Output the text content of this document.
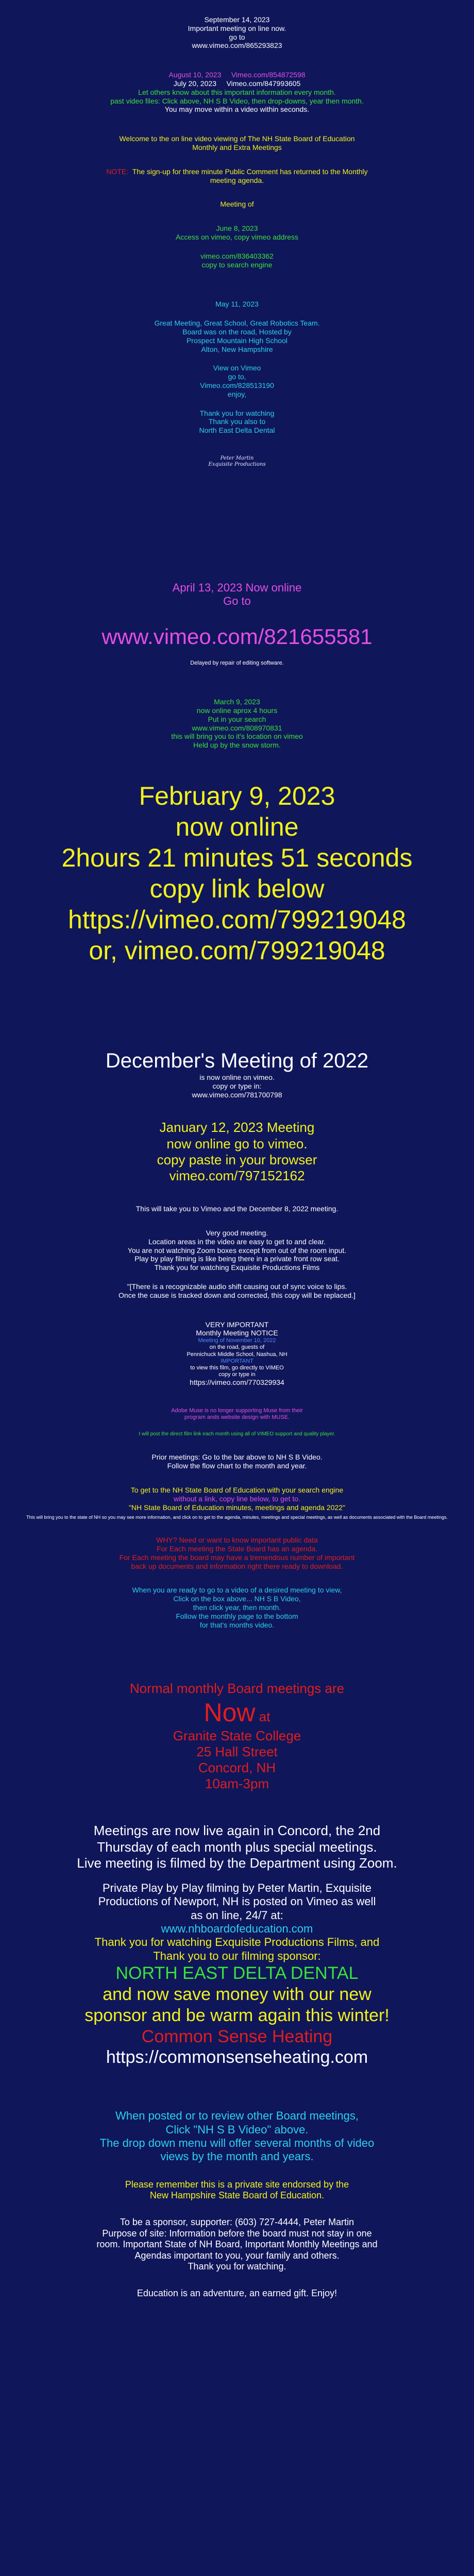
September 14, 2023
Important meeting on line now.
go to
www.vimeo.com/865293823
August 10, 2023 Vimeo.com/854872598
July 20, 2023 Vimeo.com/847993605
Let others know about this important information every month.
past video files: Click above, NH S B Video, then drop-downs, year then month.
You may move within a video within seconds.
Welcome to the on line video viewing of The NH State Board of Education
Monthly and Extra Meetings
NOTE: The sign-up for three minute Public Comment has returned to the Monthly
meeting agenda.
Meeting of
June 8, 2023
Access on vimeo, copy vimeo address
vimeo.com/836403362
copy to search engine
May 11, 2023
Great Meeting, Great School, Great Robotics Team.
Board was on the road, Hosted by
Prospect Mountain High School
Alton, New Hampshire
View on Vimeo
go to,
Vimeo.com/828513190
enjoy,
Thank you for watching
Thank you also to
North East Delta Dental
Peter Martin
Exquisite Productions
April 13, 2023 Now online
Go to
www.vimeo.com/821655581
Delayed by repair of editing software.
March 9, 2023
now online aprox 4 hours
Put in your search
www.vimeo.com/808970831
this will bring you to it's location on vimeo
Held up by the snow storm.
February 9, 2023
now online
2hours 21 minutes 51 seconds
copy link below
https://vimeo.com/799219048
or, vimeo.com/799219048
December's Meeting of 2022
is now online on vimeo.
copy or type in:
www.vimeo.com/781700798
January 12, 2023 Meeting
now online go to vimeo.
copy paste in your browser
vimeo.com/797152162
This will take you to Vimeo and the December 8, 2022 meeting.
Very good meeting.
Location areas in the video are easy to get to and clear.
You are not watching Zoom boxes except from out of the room input.
Play by play filming is like being there in a private front row seat.
Thank you for watching Exquisite Productions Films
"[There is a recognizable audio shift causing out of sync voice to lips.
Once the cause is tracked down and corrected, this copy will be replaced.]
VERY IMPORTANT
Monthly Meeting NOTICE
Meeting of November 10, 2022
on the road, guests of
Pennichuck Middle School, Nashua, NH
IMPORTANT
to view this film, go directly to VIMEO
copy or type in
https://vimeo.com/770329934
Adobe Muse is no longer supporting Muse from their
program ands website design with MUSE.
I will post the direct film link each month using all of VIMEO support and quality player.
Prior meetings: Go to the bar above to NH S B Video.
Follow the flow chart to the month and year.
To get to the NH State Board of Education with your search engine
without a link, copy line below, to get to.
"NH State Board of Education minutes, meetings and agenda 2022"
This will bring you to the state of NH so you may see more information, and click on to get to the agenda, minutes, meetings and special meetings, as well as documents associated with the Board meetings.
WHY? Need or want to know important public data
For Each meeting the State Board has an agenda.
For Each meeting the board may have a tremendous number of important
back up documents and information right there ready to download.
When you are ready to go to a video of a desired meeting to view,
Click on the box above... NH S B Video,
then click year, then month.
Follow the monthly page to the bottom
for that's months video.
Normal monthly Board meetings are
Now at
Granite State College
25 Hall Street
Concord, NH
10am-3pm
Meetings are now live again in Concord, the 2nd
Thursday of each month plus special meetings.
Live meeting is filmed by the Department using Zoom.
Private Play by Play filming by Peter Martin, Exquisite
Productions of Newport, NH is posted on Vimeo as well
as on line, 24/7 at:
www.nhboardofeducation.com
Thank you for watching Exquisite Productions Films, and
Thank you to our filming sponsor:
NORTH EAST DELTA DENTAL
and now save money with our new
sponsor and be warm again this winter!
Common Sense Heating
https://commonsenseheating.com
When posted or to review other Board meetings,
Click "NH S B Video" above.
The drop down menu will offer several months of video
views by the month and years.
Please remember this is a private site endorsed by the
New Hampshire State Board of Education.
To be a sponsor, supporter: (603) 727-4444, Peter Martin
Purpose of site: Information before the board must not stay in one
room. Important State of NH Board, Important Monthly Meetings and
Agendas important to you, your family and others.
Thank you for watching.
Education is an adventure, an earned gift. Enjoy!
